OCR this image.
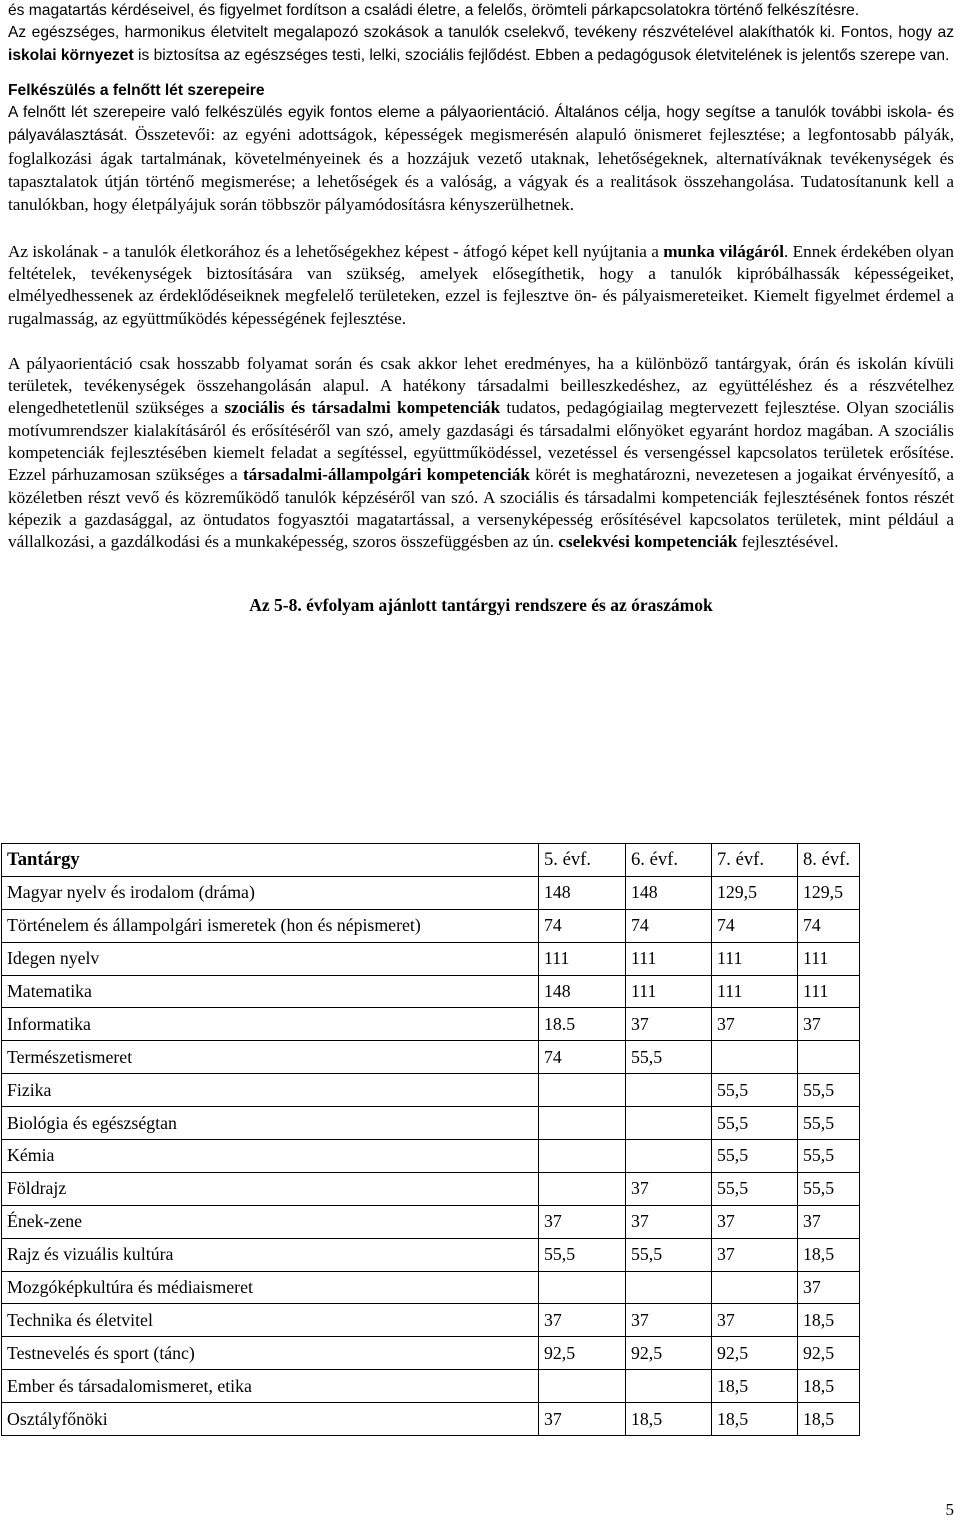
és magatartás kérdéseivel, és figyelmet fordítson a családi életre, a felelős, örömteli párkapcsolatokra történő felkészítésre.
Az egészséges, harmonikus életvitelt megalapozó szokások a tanulók cselekvő, tevékeny részvételével alakíthatók ki. Fontos, hogy az iskolai környezet is biztosítsa az egészséges testi, lelki, szociális fejlődést. Ebben a pedagógusok életvitelének is jelentős szerepe van.

Felkészülés a felnőtt lét szerepeire
A felnőtt lét szerepeire való felkészülés egyik fontos eleme a pályaorientáció. Általános célja, hogy segítse a tanulók további iskola- és pályaválasztását. Összetevői: az egyéni adottságok, képességek megismerésén alapuló önismeret fejlesztése; a legfontosabb pályák, foglalkozási ágak tartalmának, követelményeinek és a hozzájuk vezető utaknak, lehetőségeknek, alternatíváknak tevékenységek és tapasztalatok útján történő megismerése; a lehetőségek és a valóság, a vágyak és a realitások összehangolása. Tudatosítanunk kell a tanulókban, hogy életpályájuk során többször pályamódosításra kényszerülhetnek.

Az iskolának - a tanulók életkorához és a lehetőségekhez képest - átfogó képet kell nyújtania a munka világáról. Ennek érdekében olyan feltételek, tevékenységek biztosítására van szükség, amelyek elősegíthetik, hogy a tanulók kipróbálhassák képességeiket, elmélyedhessenek az érdeklődéseiknek megfelelő területeken, ezzel is fejlesztve ön- és pályaismereteiket. Kiemelt figyelmet érdemel a rugalmasság, az együttműködés képességének fejlesztése.

A pályaorientáció csak hosszabb folyamat során és csak akkor lehet eredményes, ha a különböző tantárgyak, órán és iskolán kívüli területek, tevékenységek összehangolásán alapul. A hatékony társadalmi beilleszkedéshez, az együttéléshez és a részvételhez elengedhetetlenül szükséges a szociális és társadalmi kompetenciák tudatos, pedagógiailag megtervezett fejlesztése. Olyan szociális motívumrendszer kialakításáról és erősítéséről van szó, amely gazdasági és társadalmi előnyöket egyaránt hordoz magában. A szociális kompetenciák fejlesztésében kiemelt feladat a segítéssel, együttműködéssel, vezetéssel és versengéssel kapcsolatos területek erősítése. Ezzel párhuzamosan szükséges a társadalmi-állampolgári kompetenciák körét is meghatározni, nevezetesen a jogaikat érvényesítő, a közéletben részt vevő és közreműködő tanulók képzéséről van szó. A szociális és társadalmi kompetenciák fejlesztésének fontos részét képezik a gazdasággal, az öntudatos fogyasztói magatartással, a versenyképesség erősítésével kapcsolatos területek, mint például a vállalkozási, a gazdálkodási és a munkaképesség, szoros összefüggésben az ún. cselekvési kompetenciák fejlesztésével.

Az 5-8. évfolyam ajánlott tantárgyi rendszere és az óraszámok
Tantárgy	5. évf.	6. évf.	7. évf.	8. évf.
Magyar nyelv és irodalom (dráma)	148	148	129,5	129,5
Történelem és állampolgári ismeretek (hon és népismeret)	74	74	74	74
Idegen nyelv	111	111	111	111
Matematika	148	111	111	111
Informatika	18.5	37	37	37
Természetismeret	74	55,5		
Fizika			55,5	55,5
Biológia és egészségtan			55,5	55,5
Kémia			55,5	55,5
Földrajz		37	55,5	55,5
Ének-zene	37	37	37	37
Rajz és vizuális kultúra	55,5	55,5	37	18,5
Mozgóképkultúra és médiaismeret				37
Technika és életvitel	37	37	37	18,5
Testnevelés és sport (tánc)	92,5	92,5	92,5	92,5
Ember és társadalomismeret, etika			18,5	18,5
Osztályfőnöki	37	18,5	18,5	18,5
5
